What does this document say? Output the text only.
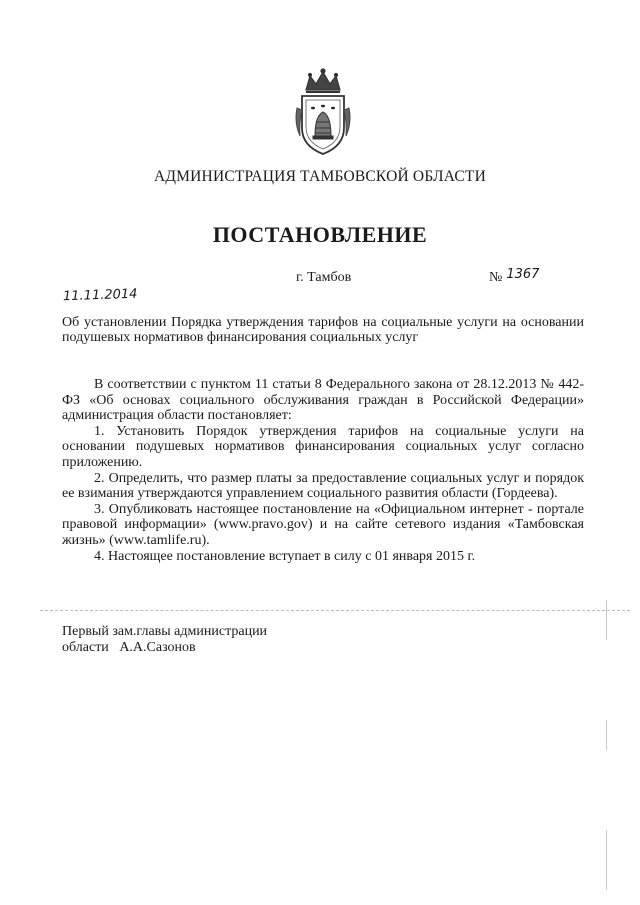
АДМИНИСТРАЦИЯ ТАМБОВСКОЙ ОБЛАСТИ
ПОСТАНОВЛЕНИЕ
г. Тамбов	№ 1367
11.11.2014
Об установлении Порядка утверждения тарифов на социальные услуги на основании подушевых нормативов финансирования социальных услуг

В соответствии с пунктом 11 статьи 8 Федерального закона от 28.12.2013 № 442-ФЗ «Об основах социального обслуживания граждан в Российской Федерации» администрация области постановляет:

1. Установить Порядок утверждения тарифов на социальные услуги на основании подушевых нормативов финансирования социальных услуг согласно приложению.

2. Определить, что размер платы за предоставление социальных услуг и порядок ее взимания утверждаются управлением социального развития области (Гордеева).

3. Опубликовать настоящее постановление на «Официальном интернет - портале правовой информации» (www.pravo.gov) и на сайте сетевого издания «Тамбовская жизнь» (www.tamlife.ru).

4. Настоящее постановление вступает в силу с 01 января 2015 г.

Первый зам.главы администрации
области А.А.Сазонов
